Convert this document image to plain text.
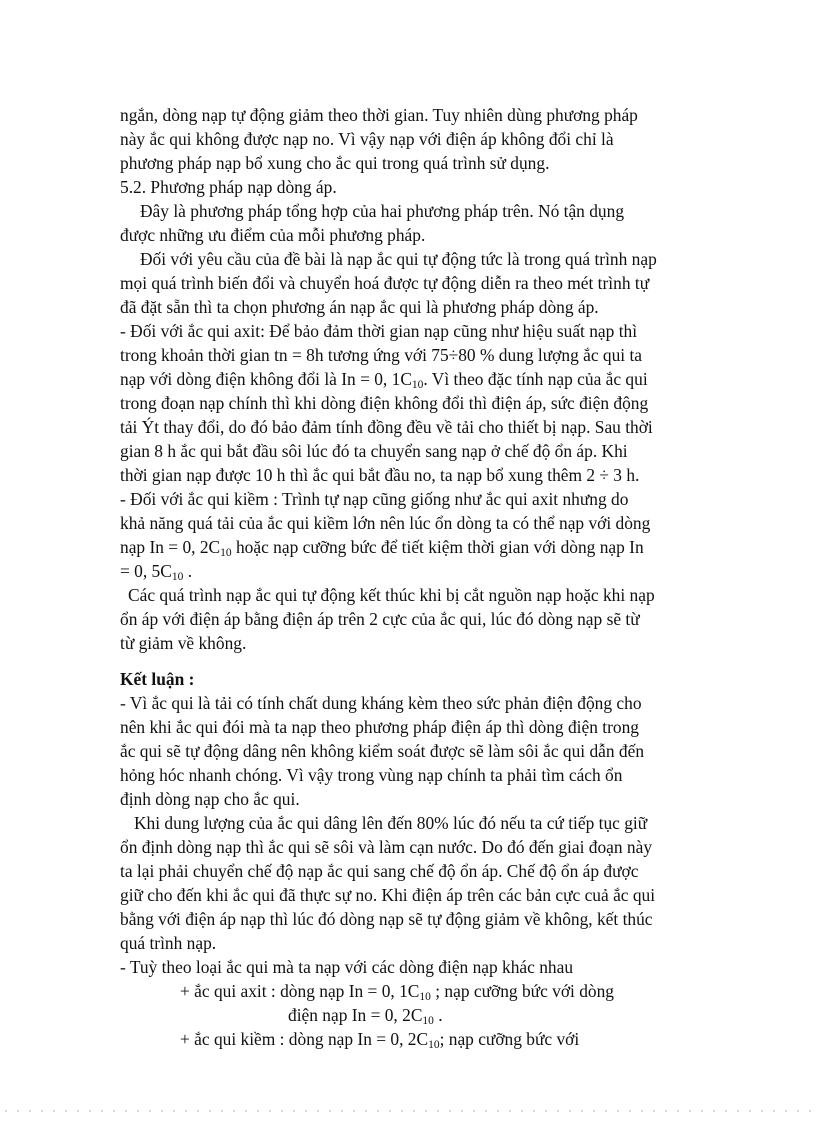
ngắn, dòng nạp tự động giảm theo thời gian. Tuy nhiên dùng phương pháp
này ắc qui không được nạp no. Vì vậy nạp với điện áp không đổi chỉ là
phương pháp nạp bổ xung cho ắc qui trong quá trình sử dụng.
5.2. Phương pháp nạp dòng áp.
Đây là phương pháp tổng hợp của hai phương pháp trên. Nó tận dụng
được những ưu điểm của mỗi phương pháp.
Đối với yêu cầu của đề bài là nạp ắc qui tự động tức là trong quá trình nạp
mọi quá trình biến đổi và chuyển hoá được tự động diễn ra theo mét trình tự
đã đặt sẵn thì ta chọn phương án nạp ắc qui là phương pháp dòng áp.
- Đối với ắc qui axit: Để bảo đảm thời gian nạp cũng như hiệu suất nạp thì
trong khoản thời gian tn = 8h tương ứng với 75÷80 % dung lượng ắc qui ta
nạp với dòng điện không đổi là In = 0, $1C_{10}$. Vì theo đặc tính nạp của ắc qui
trong đoạn nạp chính thì khi dòng điện không đổi thì điện áp, sức điện động
tải Ýt thay đổi, do đó bảo đảm tính đồng đều về tải cho thiết bị nạp. Sau thời
gian 8 h ắc qui bắt đầu sôi lúc đó ta chuyển sang nạp ở chế độ ổn áp. Khi
thời gian nạp được 10 h thì ắc qui bắt đầu no, ta nạp bổ xung thêm 2 ÷ 3 h.
- Đối với ắc qui kiềm : Trình tự nạp cũng giống như ắc qui axit nhưng do
khả năng quá tải của ắc qui kiềm lớn nên lúc ổn dòng ta có thể nạp với dòng
nạp In = 0, $2C_{10}$ hoặc nạp cưỡng bức để tiết kiệm thời gian với dòng nạp In
= 0, $5C_{10}$ .
Các quá trình nạp ắc qui tự động kết thúc khi bị cắt nguồn nạp hoặc khi nạp
ổn áp với điện áp bằng điện áp trên 2 cực của ắc qui, lúc đó dòng nạp sẽ từ
từ giảm về không.
Kết luận :
- Vì ắc qui là tải có tính chất dung kháng kèm theo sức phản điện động cho
nên khi ắc qui đói mà ta nạp theo phương pháp điện áp thì dòng điện trong
ắc qui sẽ tự động dâng nên không kiểm soát được sẽ làm sôi ắc qui dẫn đến
hỏng hóc nhanh chóng. Vì vậy trong vùng nạp chính ta phải tìm cách ổn
định dòng nạp cho ắc qui.
Khi dung lượng của ắc qui dâng lên đến 80% lúc đó nếu ta cứ tiếp tục giữ
ổn định dòng nạp thì ắc qui sẽ sôi và làm cạn nước. Do đó đến giai đoạn này
ta lại phải chuyển chế độ nạp ắc qui sang chế độ ổn áp. Chế độ ổn áp được
giữ cho đến khi ắc qui đã thực sự no. Khi điện áp trên các bản cực cuả ắc qui
bằng với điện áp nạp thì lúc đó dòng nạp sẽ tự động giảm về không, kết thúc
quá trình nạp.
- Tuỳ theo loại ắc qui mà ta nạp với các dòng điện nạp khác nhau
+ ắc qui axit : dòng nạp In = 0, $1C_{10}$ ; nạp cưỡng bức với dòng
điện nạp In = 0, $2C_{10}$ .
+ ắc qui kiềm : dòng nạp In = 0, $2C_{10}$; nạp cưỡng bức với
